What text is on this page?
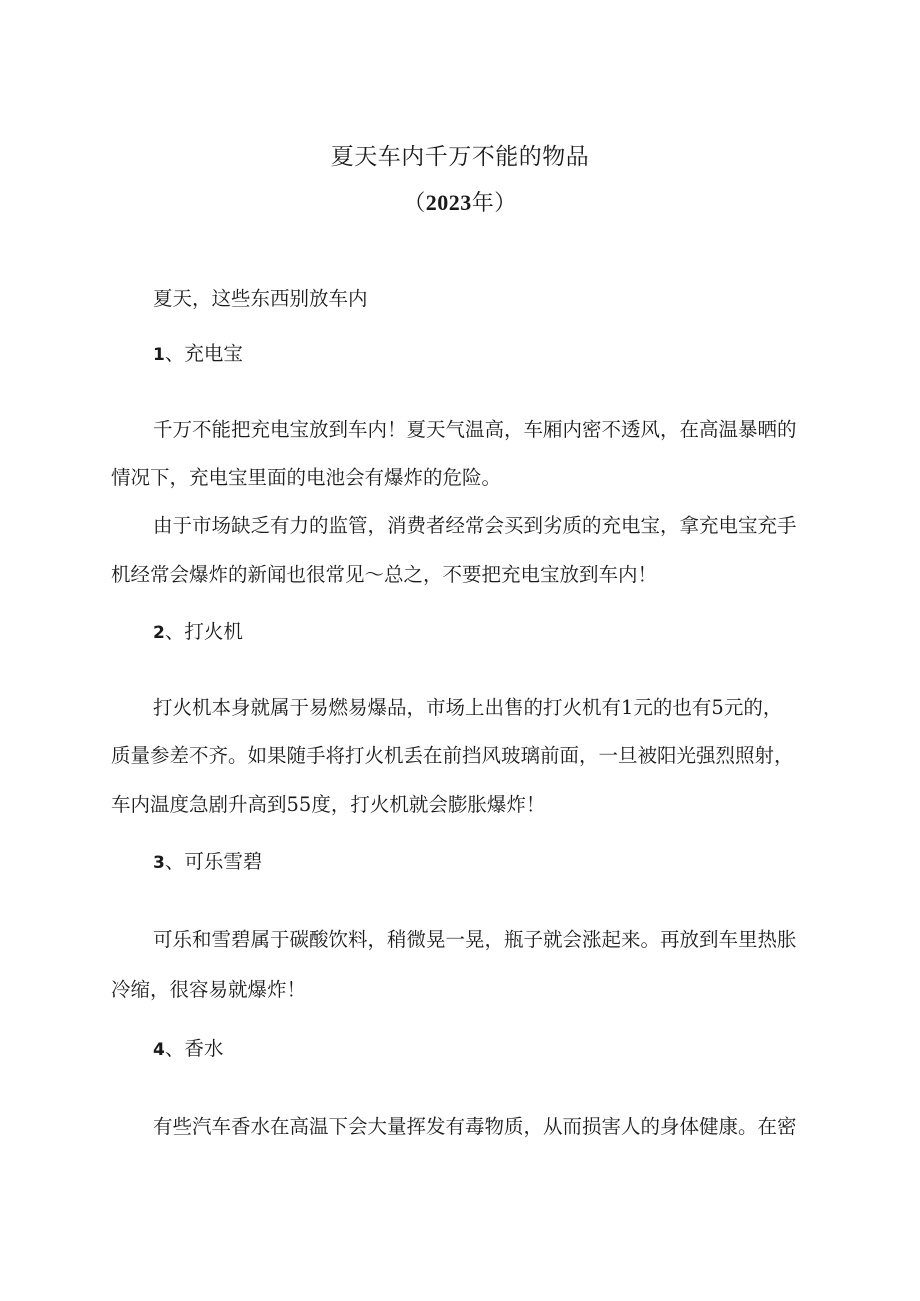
夏天车内千万不能的物品
（2023年）
夏天，这些东西别放车内
1、充电宝
千万不能把充电宝放到车内！夏天气温高，车厢内密不透风，在高温暴晒的
情况下，充电宝里面的电池会有爆炸的危险。
由于市场缺乏有力的监管，消费者经常会买到劣质的充电宝，拿充电宝充手
机经常会爆炸的新闻也很常见～总之，不要把充电宝放到车内！
2、打火机
打火机本身就属于易燃易爆品，市场上出售的打火机有1元的也有5元的，
质量参差不齐。如果随手将打火机丢在前挡风玻璃前面，一旦被阳光强烈照射，
车内温度急剧升高到55度，打火机就会膨胀爆炸！
3、可乐雪碧
可乐和雪碧属于碳酸饮料，稍微晃一晃，瓶子就会涨起来。再放到车里热胀
冷缩，很容易就爆炸！
4、香水
有些汽车香水在高温下会大量挥发有毒物质，从而损害人的身体健康。在密
